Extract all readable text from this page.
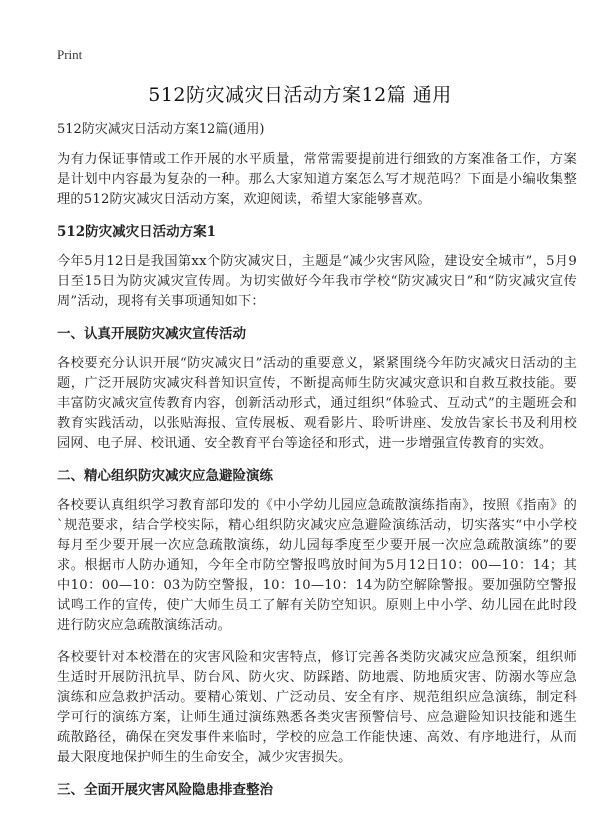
Print
512防灾减灾日活动方案12篇 通用
512防灾减灾日活动方案12篇(通用)

为有力保证事情或工作开展的水平质量，常常需要提前进行细致的方案准备工作，方案是计划中内容最为复杂的一种。那么大家知道方案怎么写才规范吗？下面是小编收集整理的512防灾减灾日活动方案，欢迎阅读，希望大家能够喜欢。

512防灾减灾日活动方案1

今年5月12日是我国第xx个防灾减灾日，主题是“减少灾害风险，建设安全城市”，5月9日至15日为防灾减灾宣传周。为切实做好今年我市学校“防灾减灾日”和“防灾减灾宣传周”活动，现将有关事项通知如下：

一、认真开展防灾减灾宣传活动

各校要充分认识开展“防灾减灾日”活动的重要意义，紧紧围绕今年防灾减灾日活动的主题，广泛开展防灾减灾科普知识宣传，不断提高师生防灾减灾意识和自救互救技能。要丰富防灾减灾宣传教育内容，创新活动形式，通过组织“体验式、互动式”的主题班会和教育实践活动，以张贴海报、宣传展板、观看影片、聆听讲座、发放告家长书及利用校园网、电子屏、校讯通、安全教育平台等途径和形式，进一步增强宣传教育的实效。

二、精心组织防灾减灾应急避险演练

各校要认真组织学习教育部印发的《中小学幼儿园应急疏散演练指南》，按照《指南》的`规范要求，结合学校实际，精心组织防灾减灾应急避险演练活动，切实落实“中小学校每月至少要开展一次应急疏散演练，幼儿园每季度至少要开展一次应急疏散演练”的要求。根据市人防办通知，今年全市防空警报鸣放时间为5月12日10：00—10：14；其中10：00—10：03为防空警报，10：10—10：14为防空解除警报。要加强防空警报试鸣工作的宣传，使广大师生员工了解有关防空知识。原则上中小学、幼儿园在此时段进行防灾应急疏散演练活动。

各校要针对本校潜在的灾害风险和灾害特点，修订完善各类防灾减灾应急预案，组织师生适时开展防汛抗旱、防台风、防火灾、防踩踏、防地震、防地质灾害、防溺水等应急演练和应急救护活动。要精心策划、广泛动员、安全有序、规范组织应急演练，制定科学可行的演练方案，让师生通过演练熟悉各类灾害预警信号、应急避险知识技能和逃生疏散路径，确保在突发事件来临时，学校的应急工作能快速、高效、有序地进行，从而最大限度地保护师生的生命安全，减少灾害损失。

三、全面开展灾害风险隐患排查整治
